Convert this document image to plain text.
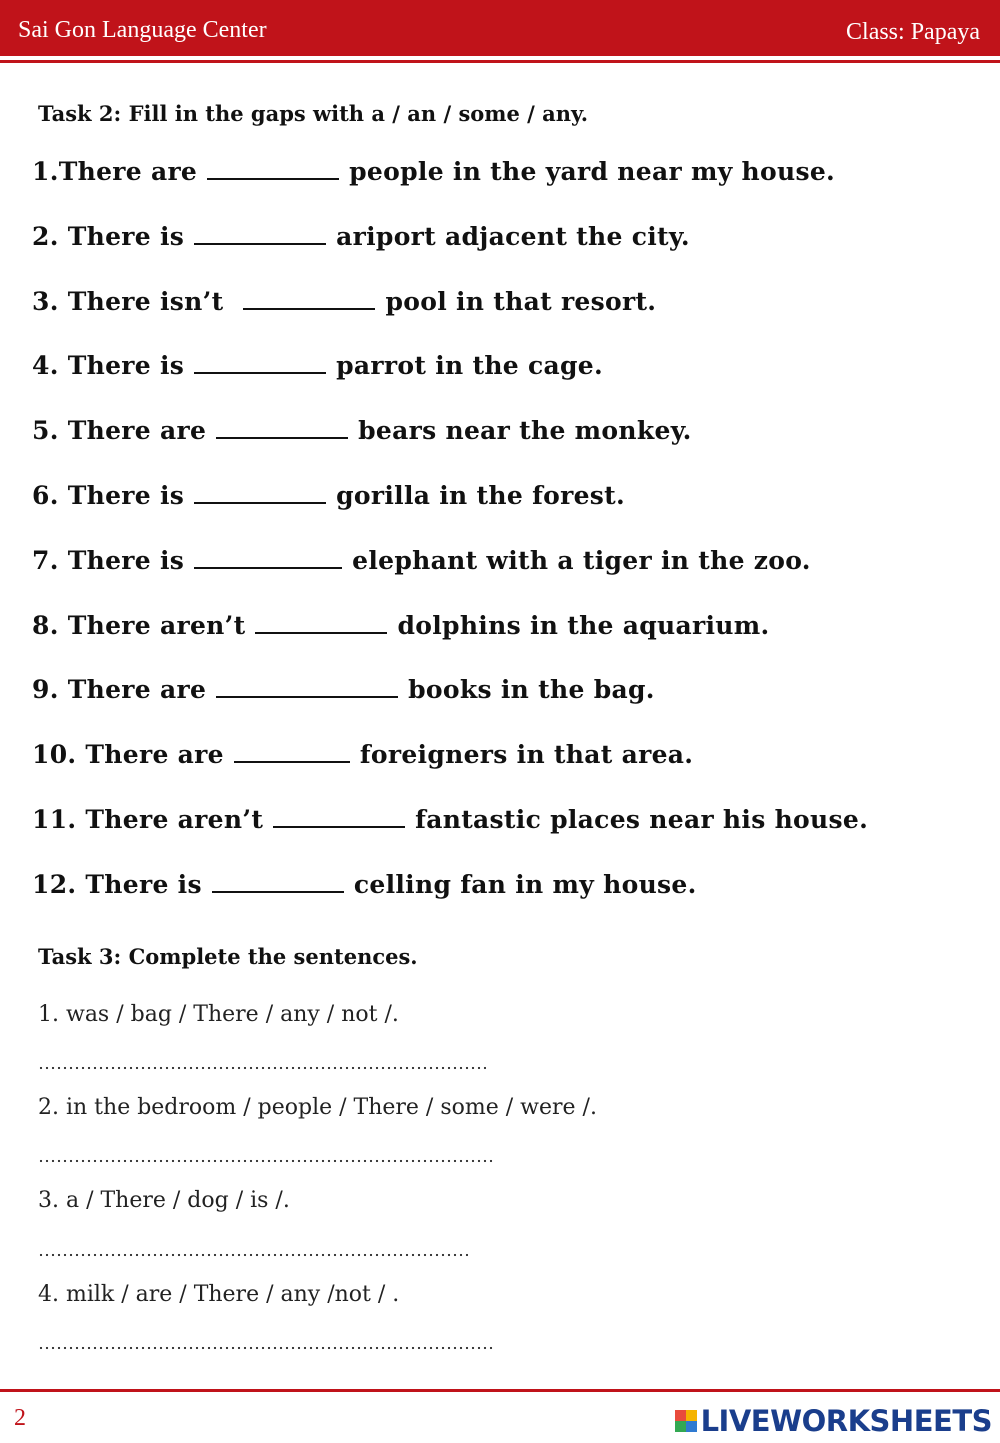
Sai Gon Language Center	Class: Papaya
Task 2: Fill in the gaps with a / an / some / any.
1.There are	people in the yard near my house.
2. There is	ariport adjacent the city.
3. There isn’t	pool in that resort.
4. There is	parrot in the cage.
5. There are	bears near the monkey.
6. There is	gorilla in the forest.
7. There is	elephant with a tiger in the zoo.
8. There aren’t	dolphins in the aquarium.
9. There are	books in the bag.
10. There are	foreigners in that area.
11. There aren’t	fantastic places near his house.
12. There is	celling fan in my house.
Task 3: Complete the sentences.
1. was / bag / There / any / not /.
2. in the bedroom / people / There / some / were /.
3. a / There / dog / is /.
4. milk / are / There / any /not / .
2	LIVEWORKSHEETS
